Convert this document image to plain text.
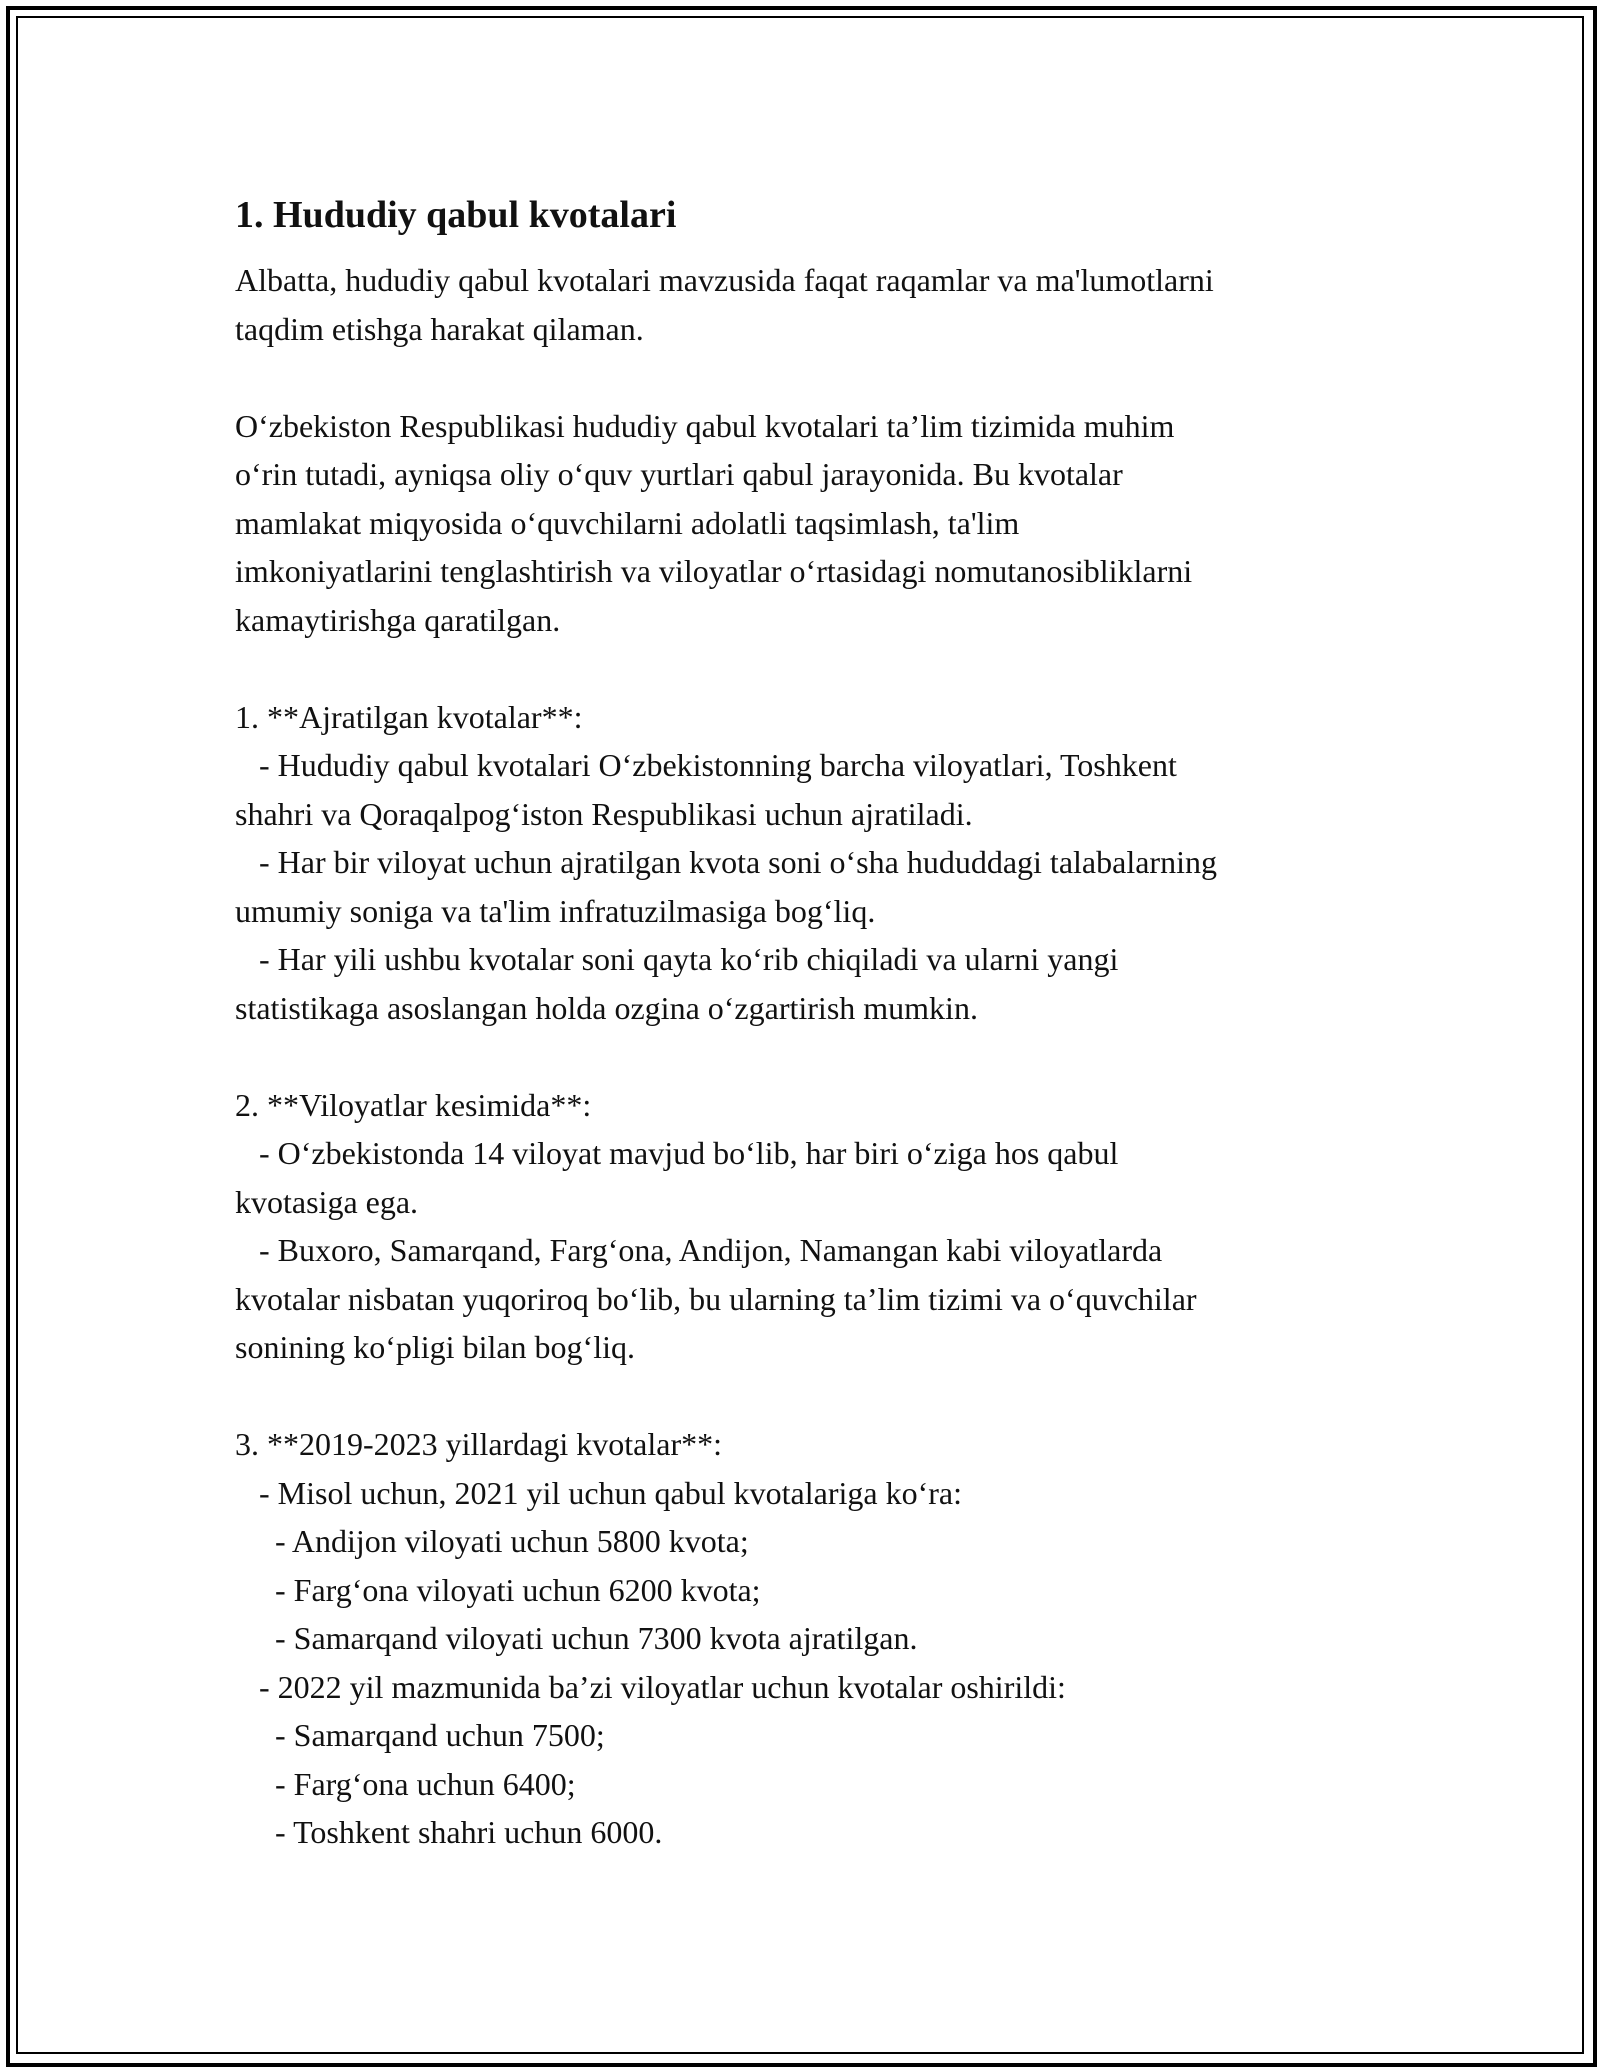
1. Hududiy qabul kvotalari

Albatta, hududiy qabul kvotalari mavzusida faqat raqamlar va ma'lumotlarni

taqdim etishga harakat qilaman.

Oʻzbekiston Respublikasi hududiy qabul kvotalari ta’lim tizimida muhim

oʻrin tutadi, ayniqsa oliy oʻquv yurtlari qabul jarayonida. Bu kvotalar

mamlakat miqyosida oʻquvchilarni adolatli taqsimlash, ta'lim

imkoniyatlarini tenglashtirish va viloyatlar oʻrtasidagi nomutanosibliklarni

kamaytirishga qaratilgan.

1. **Ajratilgan kvotalar**:

- Hududiy qabul kvotalari Oʻzbekistonning barcha viloyatlari, Toshkent

shahri va Qoraqalpogʻiston Respublikasi uchun ajratiladi.

- Har bir viloyat uchun ajratilgan kvota soni oʻsha hududdagi talabalarning

umumiy soniga va ta'lim infratuzilmasiga bogʻliq.

- Har yili ushbu kvotalar soni qayta koʻrib chiqiladi va ularni yangi

statistikaga asoslangan holda ozgina oʻzgartirish mumkin.

2. **Viloyatlar kesimida**:

- Oʻzbekistonda 14 viloyat mavjud boʻlib, har biri oʻziga hos qabul

kvotasiga ega.

- Buxoro, Samarqand, Fargʻona, Andijon, Namangan kabi viloyatlarda

kvotalar nisbatan yuqoriroq boʻlib, bu ularning ta’lim tizimi va oʻquvchilar

sonining koʻpligi bilan bogʻliq.

3. **2019-2023 yillardagi kvotalar**:

- Misol uchun, 2021 yil uchun qabul kvotalariga koʻra:

- Andijon viloyati uchun 5800 kvota;

- Fargʻona viloyati uchun 6200 kvota;

- Samarqand viloyati uchun 7300 kvota ajratilgan.

- 2022 yil mazmunida ba’zi viloyatlar uchun kvotalar oshirildi:

- Samarqand uchun 7500;

- Fargʻona uchun 6400;

- Toshkent shahri uchun 6000.
